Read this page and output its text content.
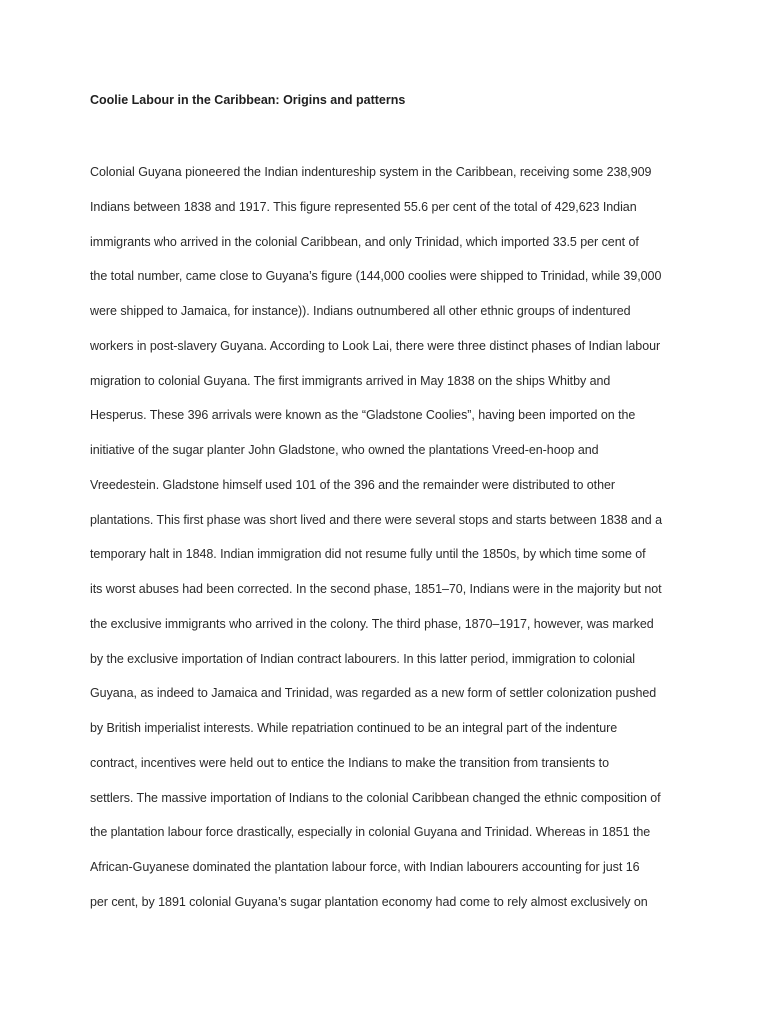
Coolie Labour in the Caribbean: Origins and patterns
Colonial Guyana pioneered the Indian indentureship system in the Caribbean, receiving some 238,909
Indians between 1838 and 1917. This figure represented 55.6 per cent of the total of 429,623 Indian
immigrants who arrived in the colonial Caribbean, and only Trinidad, which imported 33.5 per cent of
the total number, came close to Guyana’s figure (144,000 coolies were shipped to Trinidad, while 39,000
were shipped to Jamaica, for instance)). Indians outnumbered all other ethnic groups of indentured
workers in post-slavery Guyana. According to Look Lai, there were three distinct phases of Indian labour
migration to colonial Guyana. The first immigrants arrived in May 1838 on the ships Whitby and
Hesperus. These 396 arrivals were known as the “Gladstone Coolies”, having been imported on the
initiative of the sugar planter John Gladstone, who owned the plantations Vreed-en-hoop and
Vreedestein. Gladstone himself used 101 of the 396 and the remainder were distributed to other
plantations. This first phase was short lived and there were several stops and starts between 1838 and a
temporary halt in 1848. Indian immigration did not resume fully until the 1850s, by which time some of
its worst abuses had been corrected. In the second phase, 1851–70, Indians were in the majority but not
the exclusive immigrants who arrived in the colony. The third phase, 1870–1917, however, was marked
by the exclusive importation of Indian contract labourers. In this latter period, immigration to colonial
Guyana, as indeed to Jamaica and Trinidad, was regarded as a new form of settler colonization pushed
by British imperialist interests. While repatriation continued to be an integral part of the indenture
contract, incentives were held out to entice the Indians to make the transition from transients to
settlers. The massive importation of Indians to the colonial Caribbean changed the ethnic composition of
the plantation labour force drastically, especially in colonial Guyana and Trinidad. Whereas in 1851 the
African-Guyanese dominated the plantation labour force, with Indian labourers accounting for just 16
per cent, by 1891 colonial Guyana’s sugar plantation economy had come to rely almost exclusively on
